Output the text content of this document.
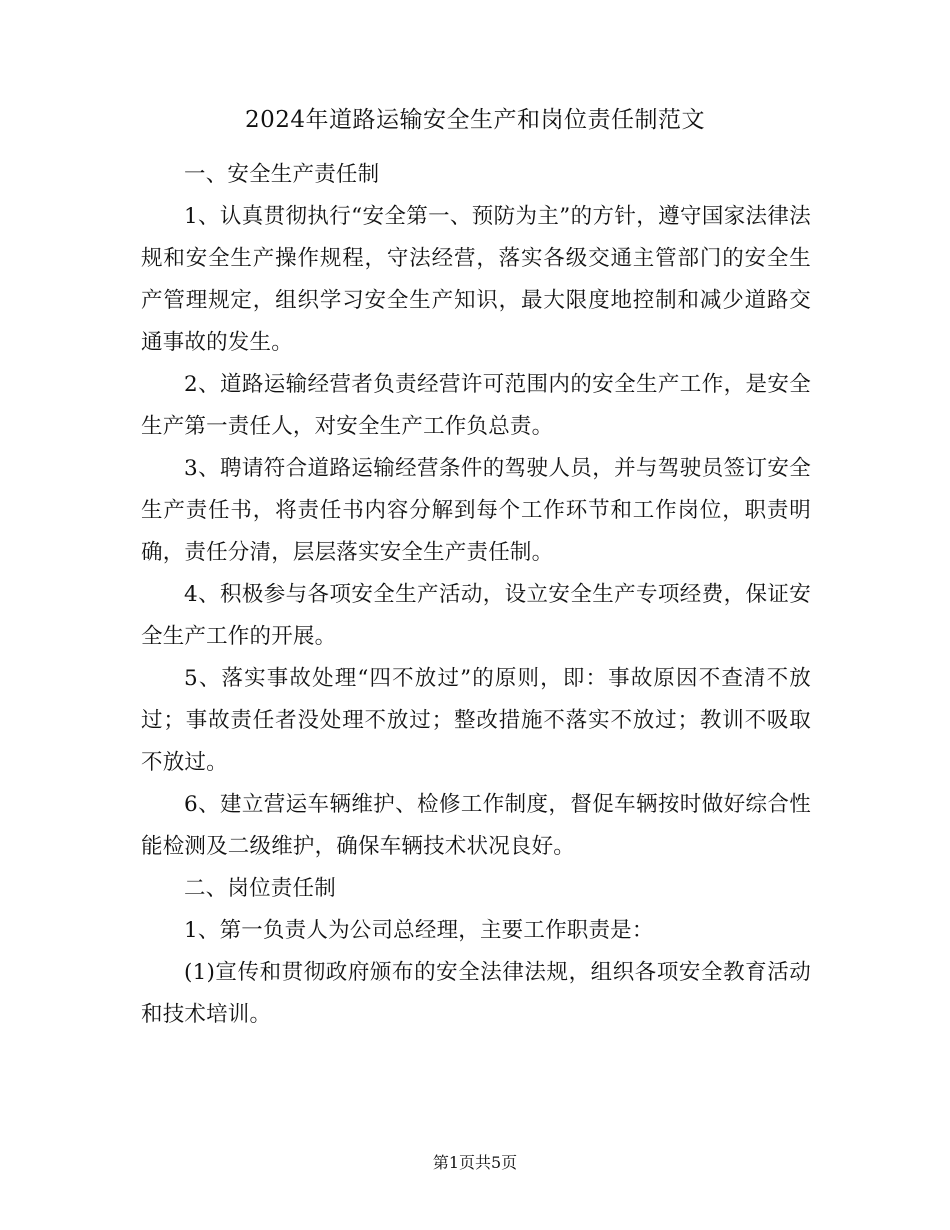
2024年道路运输安全生产和岗位责任制范文

一、安全生产责任制

1、认真贯彻执行“安全第一、预防为主”的方针，遵守国家法律法规和安全生产操作规程，守法经营，落实各级交通主管部门的安全生产管理规定，组织学习安全生产知识，最大限度地控制和减少道路交通事故的发生。

2、道路运输经营者负责经营许可范围内的安全生产工作，是安全生产第一责任人，对安全生产工作负总责。

3、聘请符合道路运输经营条件的驾驶人员，并与驾驶员签订安全生产责任书，将责任书内容分解到每个工作环节和工作岗位，职责明确，责任分清，层层落实安全生产责任制。

4、积极参与各项安全生产活动，设立安全生产专项经费，保证安全生产工作的开展。

5、落实事故处理“四不放过”的原则，即：事故原因不查清不放过；事故责任者没处理不放过；整改措施不落实不放过；教训不吸取不放过。

6、建立营运车辆维护、检修工作制度，督促车辆按时做好综合性能检测及二级维护，确保车辆技术状况良好。

二、岗位责任制

1、第一负责人为公司总经理，主要工作职责是：

(1)宣传和贯彻政府颁布的安全法律法规，组织各项安全教育活动和技术培训。

第1页共5页
